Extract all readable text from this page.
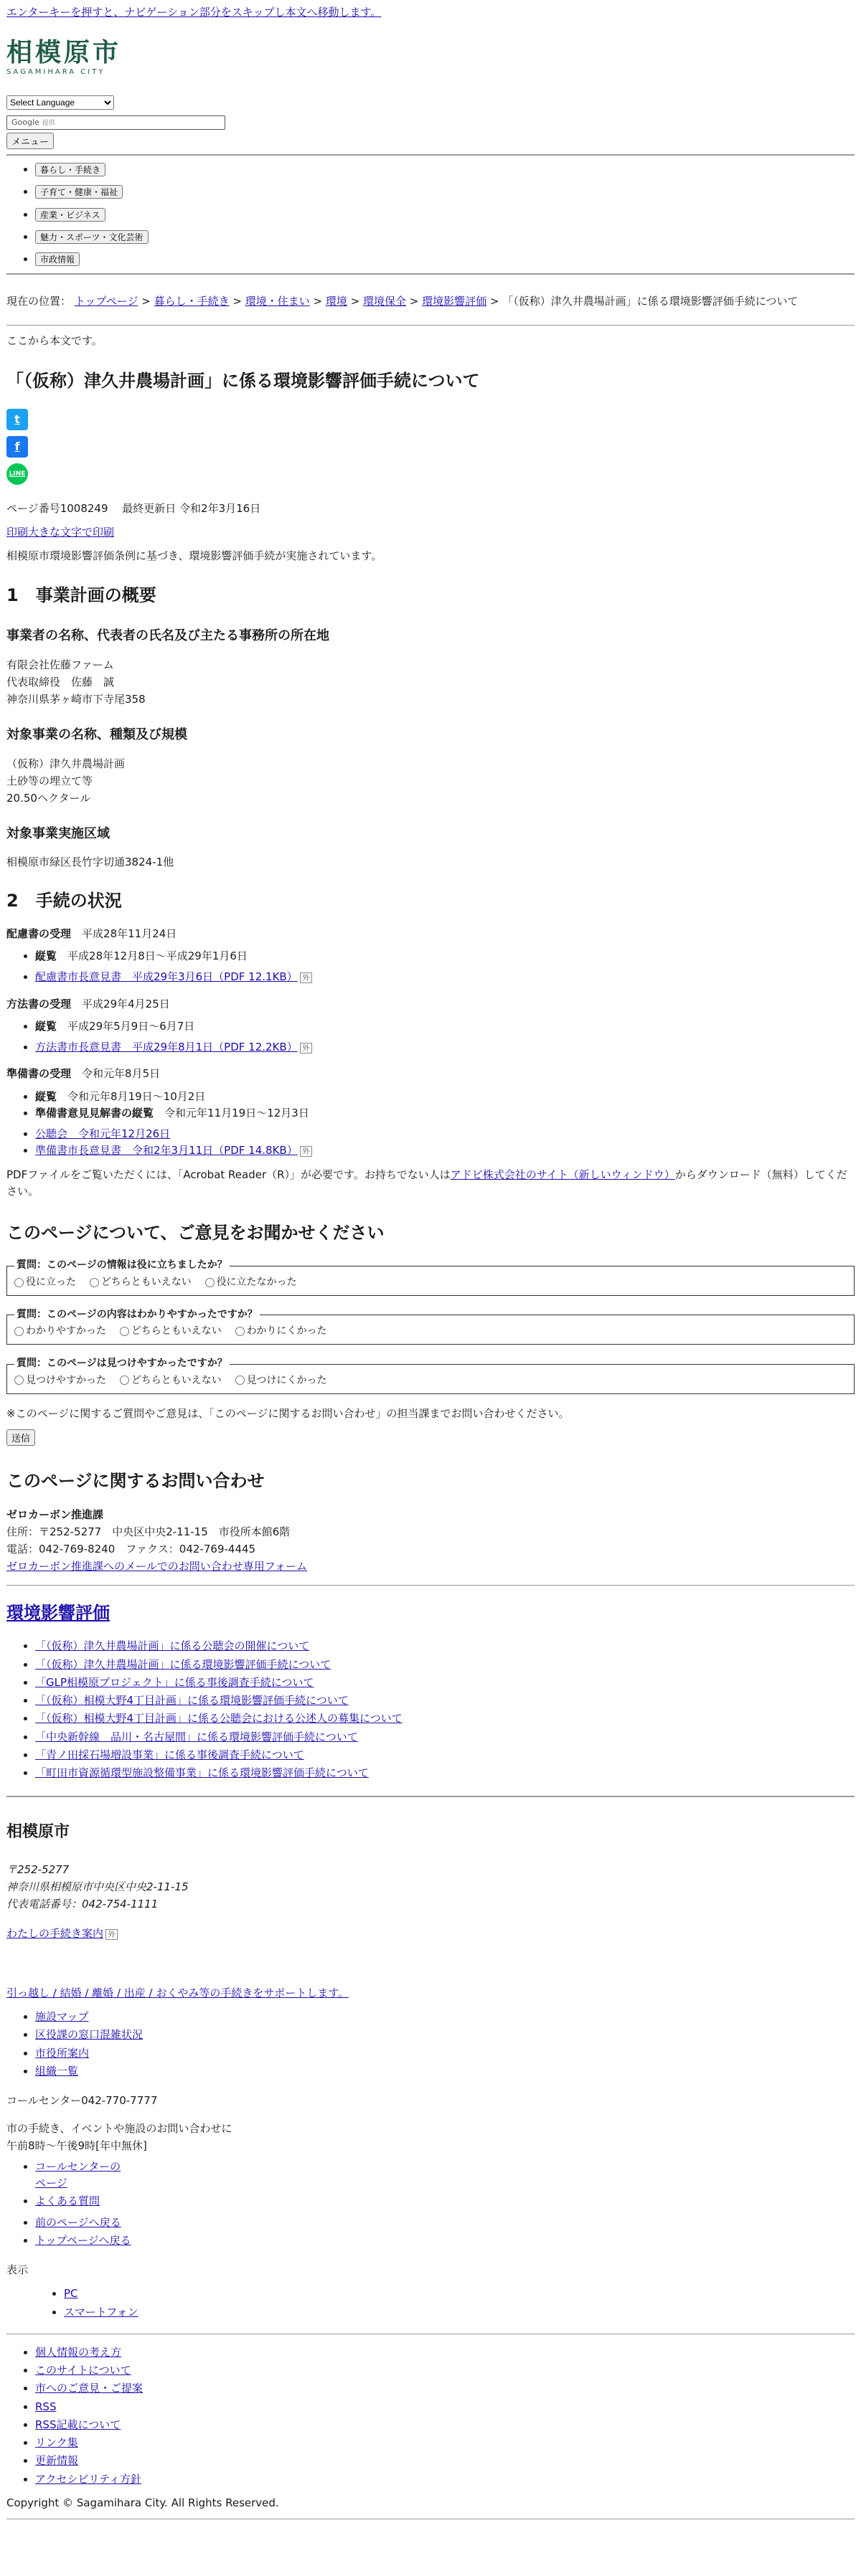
エンターキーを押すと、ナビゲーション部分をスキップし本文へ移動します。
相模原市
SAGAMIHARA CITY
Select Language
Google 提供
メニュー
• 暮らし・手続き
• 子育て・健康・福祉
• 産業・ビジネス
• 魅力・スポーツ・文化芸術
• 市政情報
現在の位置： トップページ > 暮らし・手続き > 環境・住まい > 環境 > 環境保全 > 環境影響評価 > 「（仮称）津久井農場計画」に係る環境影響評価手続について

ここから本文です。

「（仮称）津久井農場計画」に係る環境影響評価手続について
t
f
LINE

ページ番号1008249　 最終更新日 令和2年3月16日

印刷大きな文字で印刷

相模原市環境影響評価条例に基づき、環境影響評価手続が実施されています。

1　事業計画の概要
事業者の名称、代表者の氏名及び主たる事務所の所在地
有限会社佐藤ファーム
代表取締役　佐藤　誠
神奈川県茅ヶ崎市下寺尾358
対象事業の名称、種類及び規模
（仮称）津久井農場計画
土砂等の埋立て等
20.50ヘクタール
対象事業実施区域

相模原市緑区長竹字切通3824-1他

2　手続の状況
配慮書の受理　 平成28年11月24日
• 縦覧　 平成28年12月8日～平成29年1月6日
• 配慮書市長意見書　平成29年3月6日（PDF 12.1KB） 外
方法書の受理　 平成29年4月25日
• 縦覧　 平成29年5月9日～6月7日
• 方法書市長意見書　平成29年8月1日（PDF 12.2KB） 外
準備書の受理　 令和元年8月5日
• 縦覧　 令和元年8月19日～10月2日
• 準備書意見見解書の縦覧　 令和元年11月19日～12月3日
• 公聴会　令和元年12月26日
• 準備書市長意見書　令和2年3月11日（PDF 14.8KB） 外

PDFファイルをご覧いただくには、「Acrobat Reader（R）」が必要です。お持ちでない人はアドビ株式会社のサイト（新しいウィンドウ）からダウンロード（無料）してください。

このページについて、ご意見をお聞かせください
質問：このページの情報は役に立ちましたか？
役に立った どちらともいえない 役に立たなかった
質問：このページの内容はわかりやすかったですか？
わかりやすかった どちらともいえない わかりにくかった
質問：このページは見つけやすかったですか？
見つけやすかった どちらともいえない 見つけにくかった

※このページに関するご質問やご意見は、「このページに関するお問い合わせ」の担当課までお問い合わせください。

送信
このページに関するお問い合わせ
ゼロカーボン推進課
住所：〒252-5277　中央区中央2-11-15　市役所本館6階
電話：042-769-8240　ファクス：042-769-4445
ゼロカーボン推進課へのメールでのお問い合わせ専用フォーム
環境影響評価
• 「（仮称）津久井農場計画」に係る公聴会の開催について
• 「（仮称）津久井農場計画」に係る環境影響評価手続について
• 「GLP相模原プロジェクト」に係る事後調査手続について
• 「（仮称）相模大野4丁目計画」に係る環境影響評価手続について
• 「（仮称）相模大野4丁目計画」に係る公聴会における公述人の募集について
• 「中央新幹線　品川・名古屋間」に係る環境影響評価手続について
• 「青ノ田採石場増設事業」に係る事後調査手続について
• 「町田市資源循環型施設整備事業」に係る環境影響評価手続について
相模原市
〒252-5277
神奈川県相模原市中央区中央2-11-15
代表電話番号：042-754-1111

わたしの手続き案内 外

引っ越し / 結婚 / 離婚 / 出産 / おくやみ等の手続きをサポートします。

• 施設マップ
• 区役課の窓口混雑状況
• 市役所案内
• 組織一覧

コールセンター042-770-7777

市の手続き、イベントや施設のお問い合わせに
午前8時～午後9時[年中無休]
• コールセンターの
ページ
• よくある質問
• 前のページへ戻る
• トップページへ戻る

表示

• PC
• スマートフォン
• 個人情報の考え方
• このサイトについて
• 市へのご意見・ご提案
• RSS
• RSS記載について
• リンク集
• 更新情報
• アクセシビリティ方針

Copyright © Sagamihara City. All Rights Reserved.
